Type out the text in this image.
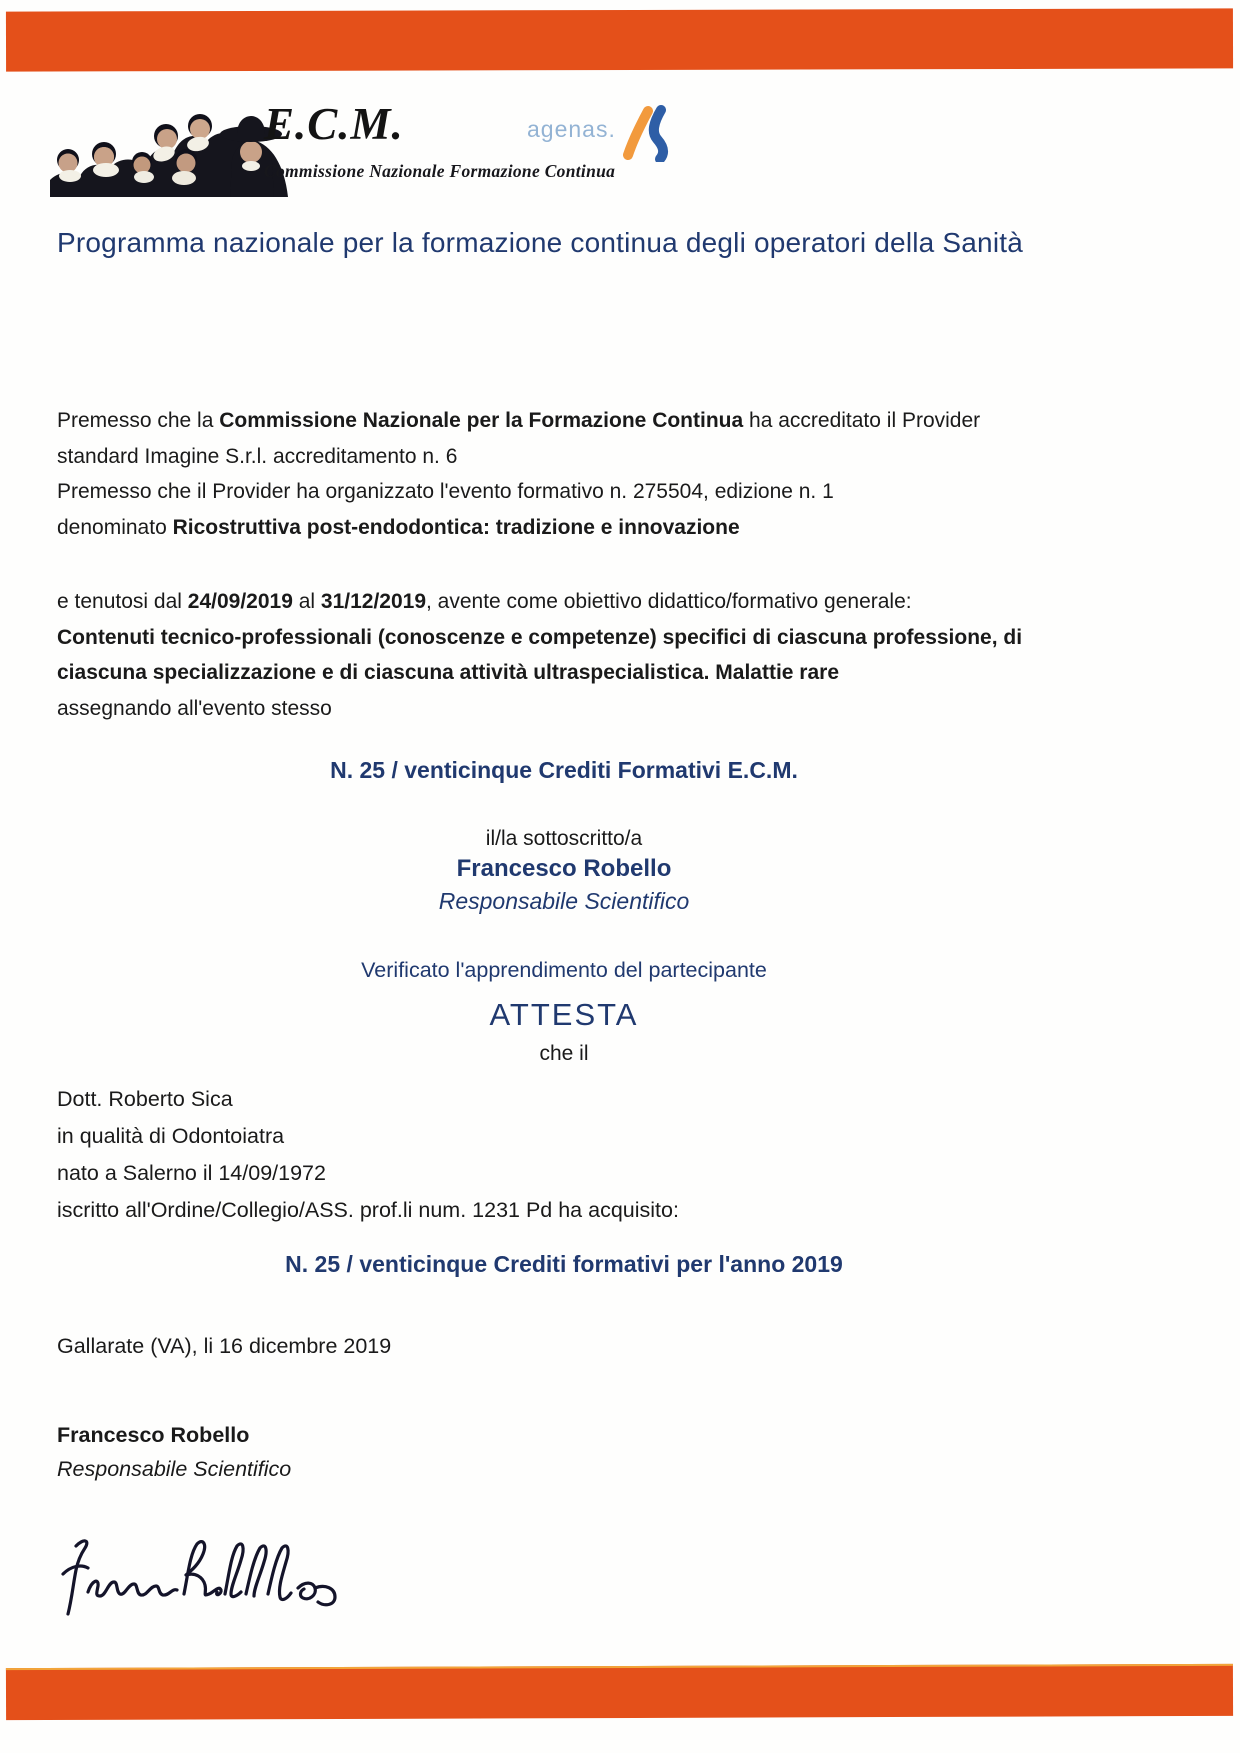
E.C.M.
Commissione Nazionale Formazione Continua
agenas.
Programma nazionale per la formazione continua degli operatori della Sanità
Premesso che la Commissione Nazionale per la Formazione Continua ha accreditato il Provider
standard Imagine S.r.l. accreditamento n. 6
Premesso che il Provider ha organizzato l'evento formativo n. 275504, edizione n. 1
denominato Ricostruttiva post-endodontica: tradizione e innovazione
e tenutosi dal 24/09/2019 al 31/12/2019, avente come obiettivo didattico/formativo generale:
Contenuti tecnico-professionali (conoscenze e competenze) specifici di ciascuna professione, di
ciascuna specializzazione e di ciascuna attività ultraspecialistica. Malattie rare
assegnando all'evento stesso
N. 25 / venticinque Crediti Formativi E.C.M.
il/la sottoscritto/a
Francesco Robello
Responsabile Scientifico
Verificato l'apprendimento del partecipante
ATTESTA
che il
Dott. Roberto Sica
in qualità di Odontoiatra
nato a Salerno il 14/09/1972
iscritto all'Ordine/Collegio/ASS. prof.li num. 1231 Pd ha acquisito:
N. 25 / venticinque Crediti formativi per l'anno 2019
Gallarate (VA), li 16 dicembre 2019
Francesco Robello
Responsabile Scientifico
